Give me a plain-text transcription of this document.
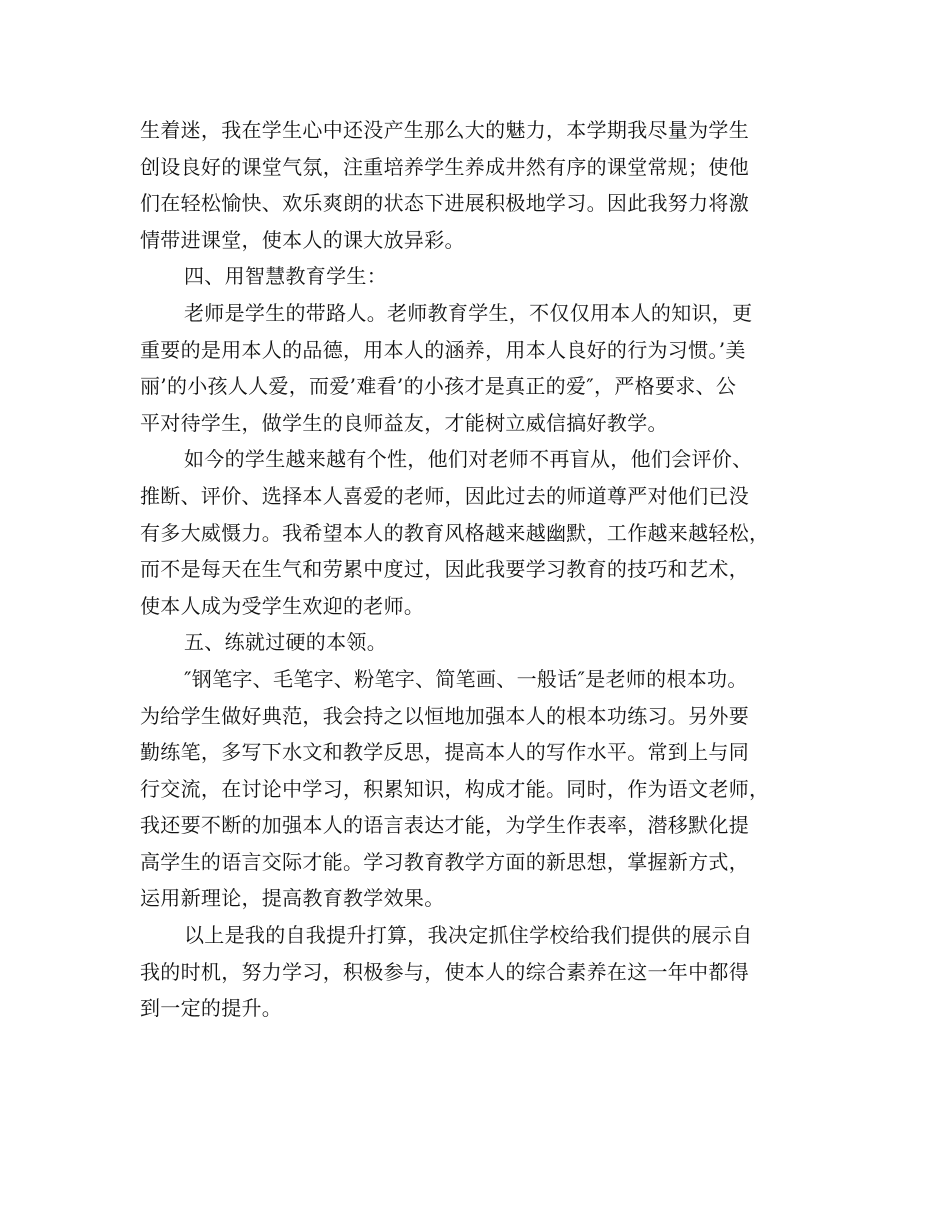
生着迷，我在学生心中还没产生那么大的魅力，本学期我尽量为学生
创设良好的课堂气氛，注重培养学生养成井然有序的课堂常规；使他
们在轻松愉快、欢乐爽朗的状态下进展积极地学习。因此我努力将激
情带进课堂，使本人的课大放异彩。

四、用智慧教育学生：

老师是学生的带路人。老师教育学生，不仅仅用本人的知识，更
重要的是用本人的品德，用本人的涵养，用本人良好的行为习惯。’美
丽’的小孩人人爱，而爱’难看’的小孩才是真正的爱″，严格要求、公
平对待学生，做学生的良师益友，才能树立威信搞好教学。

如今的学生越来越有个性，他们对老师不再盲从，他们会评价、
推断、评价、选择本人喜爱的老师，因此过去的师道尊严对他们已没
有多大威慑力。我希望本人的教育风格越来越幽默，工作越来越轻松，
而不是每天在生气和劳累中度过，因此我要学习教育的技巧和艺术，
使本人成为受学生欢迎的老师。

五、练就过硬的本领。

″钢笔字、毛笔字、粉笔字、简笔画、一般话″是老师的根本功。
为给学生做好典范，我会持之以恒地加强本人的根本功练习。另外要
勤练笔，多写下水文和教学反思，提高本人的写作水平。常到上与同
行交流，在讨论中学习，积累知识，构成才能。同时，作为语文老师，
我还要不断的加强本人的语言表达才能，为学生作表率，潜移默化提
高学生的语言交际才能。学习教育教学方面的新思想，掌握新方式，
运用新理论，提高教育教学效果。

以上是我的自我提升打算，我决定抓住学校给我们提供的展示自
我的时机，努力学习，积极参与，使本人的综合素养在这一年中都得
到一定的提升。
